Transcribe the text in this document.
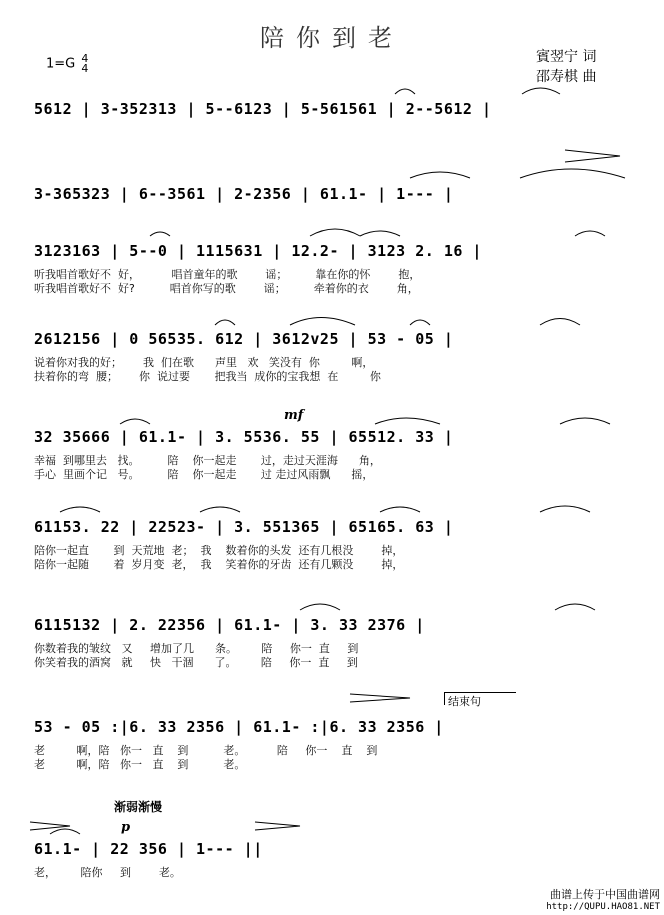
陪你到老
1=G 4
4
賓翌宁 词
邵寿棋 曲
5612 | 3-352313 | 5--6123 | 5-561561 | 2--5612 |
3-365323 | 6--3561 | 2-2356 | 61.1- | 1--- |
3123163 | 5--0 | 1115631 | 12.2- | 3123 2. 16 |
听我唱首歌好不  好，         唱首童年的歌        谣；        靠在你的怀        抱，
听我唱首歌好不  好?          唱首你写的歌        谣；        牵着你的衣        角，
2612156 | 0 56535. 612 | 3612v25 | 53 - 05 |
说着你对我的好；      我  们在歌      声里   欢   笑没有  你         啊，
扶着你的弯  腰；      你  说过要       把我当  成你的宝我想  在         你
mf
32 35666 | 61.1- | 3. 5536. 55 | 65512. 33 |
幸福  到哪里去   找。        陪    你一起走       过，走过天涯海      角，
手心  里画个记   号。        陪    你一起走       过 走过风雨飘      摇，
61153. 22 | 22523- | 3. 551365 | 65165. 63 |
陪你一起直       到  天荒地  老；  我    数着你的头发  还有几根没        掉，
陪你一起随       着  岁月变  老，  我    笑着你的牙齿  还有几颗没        掉，
6115132 | 2. 22356 | 61.1- | 3. 33 2376 |
你数着我的皱纹   又     增加了几      条。       陪     你一  直     到
你笑着我的酒窝   就     快   干涸      了。       陪     你一  直     到
结束句
53 - 05 :|6. 33 2356 | 61.1- :|6. 33 2356 |
老         啊，陪   你一   直    到          老。         陪     你一    直    到
老         啊，陪   你一   直    到          老。
渐弱渐慢
p
61.1- | 22 356 | 1--- ||
老，       陪你     到        老。
曲谱上传于中国曲谱网
http://QUPU.HAO81.NET
